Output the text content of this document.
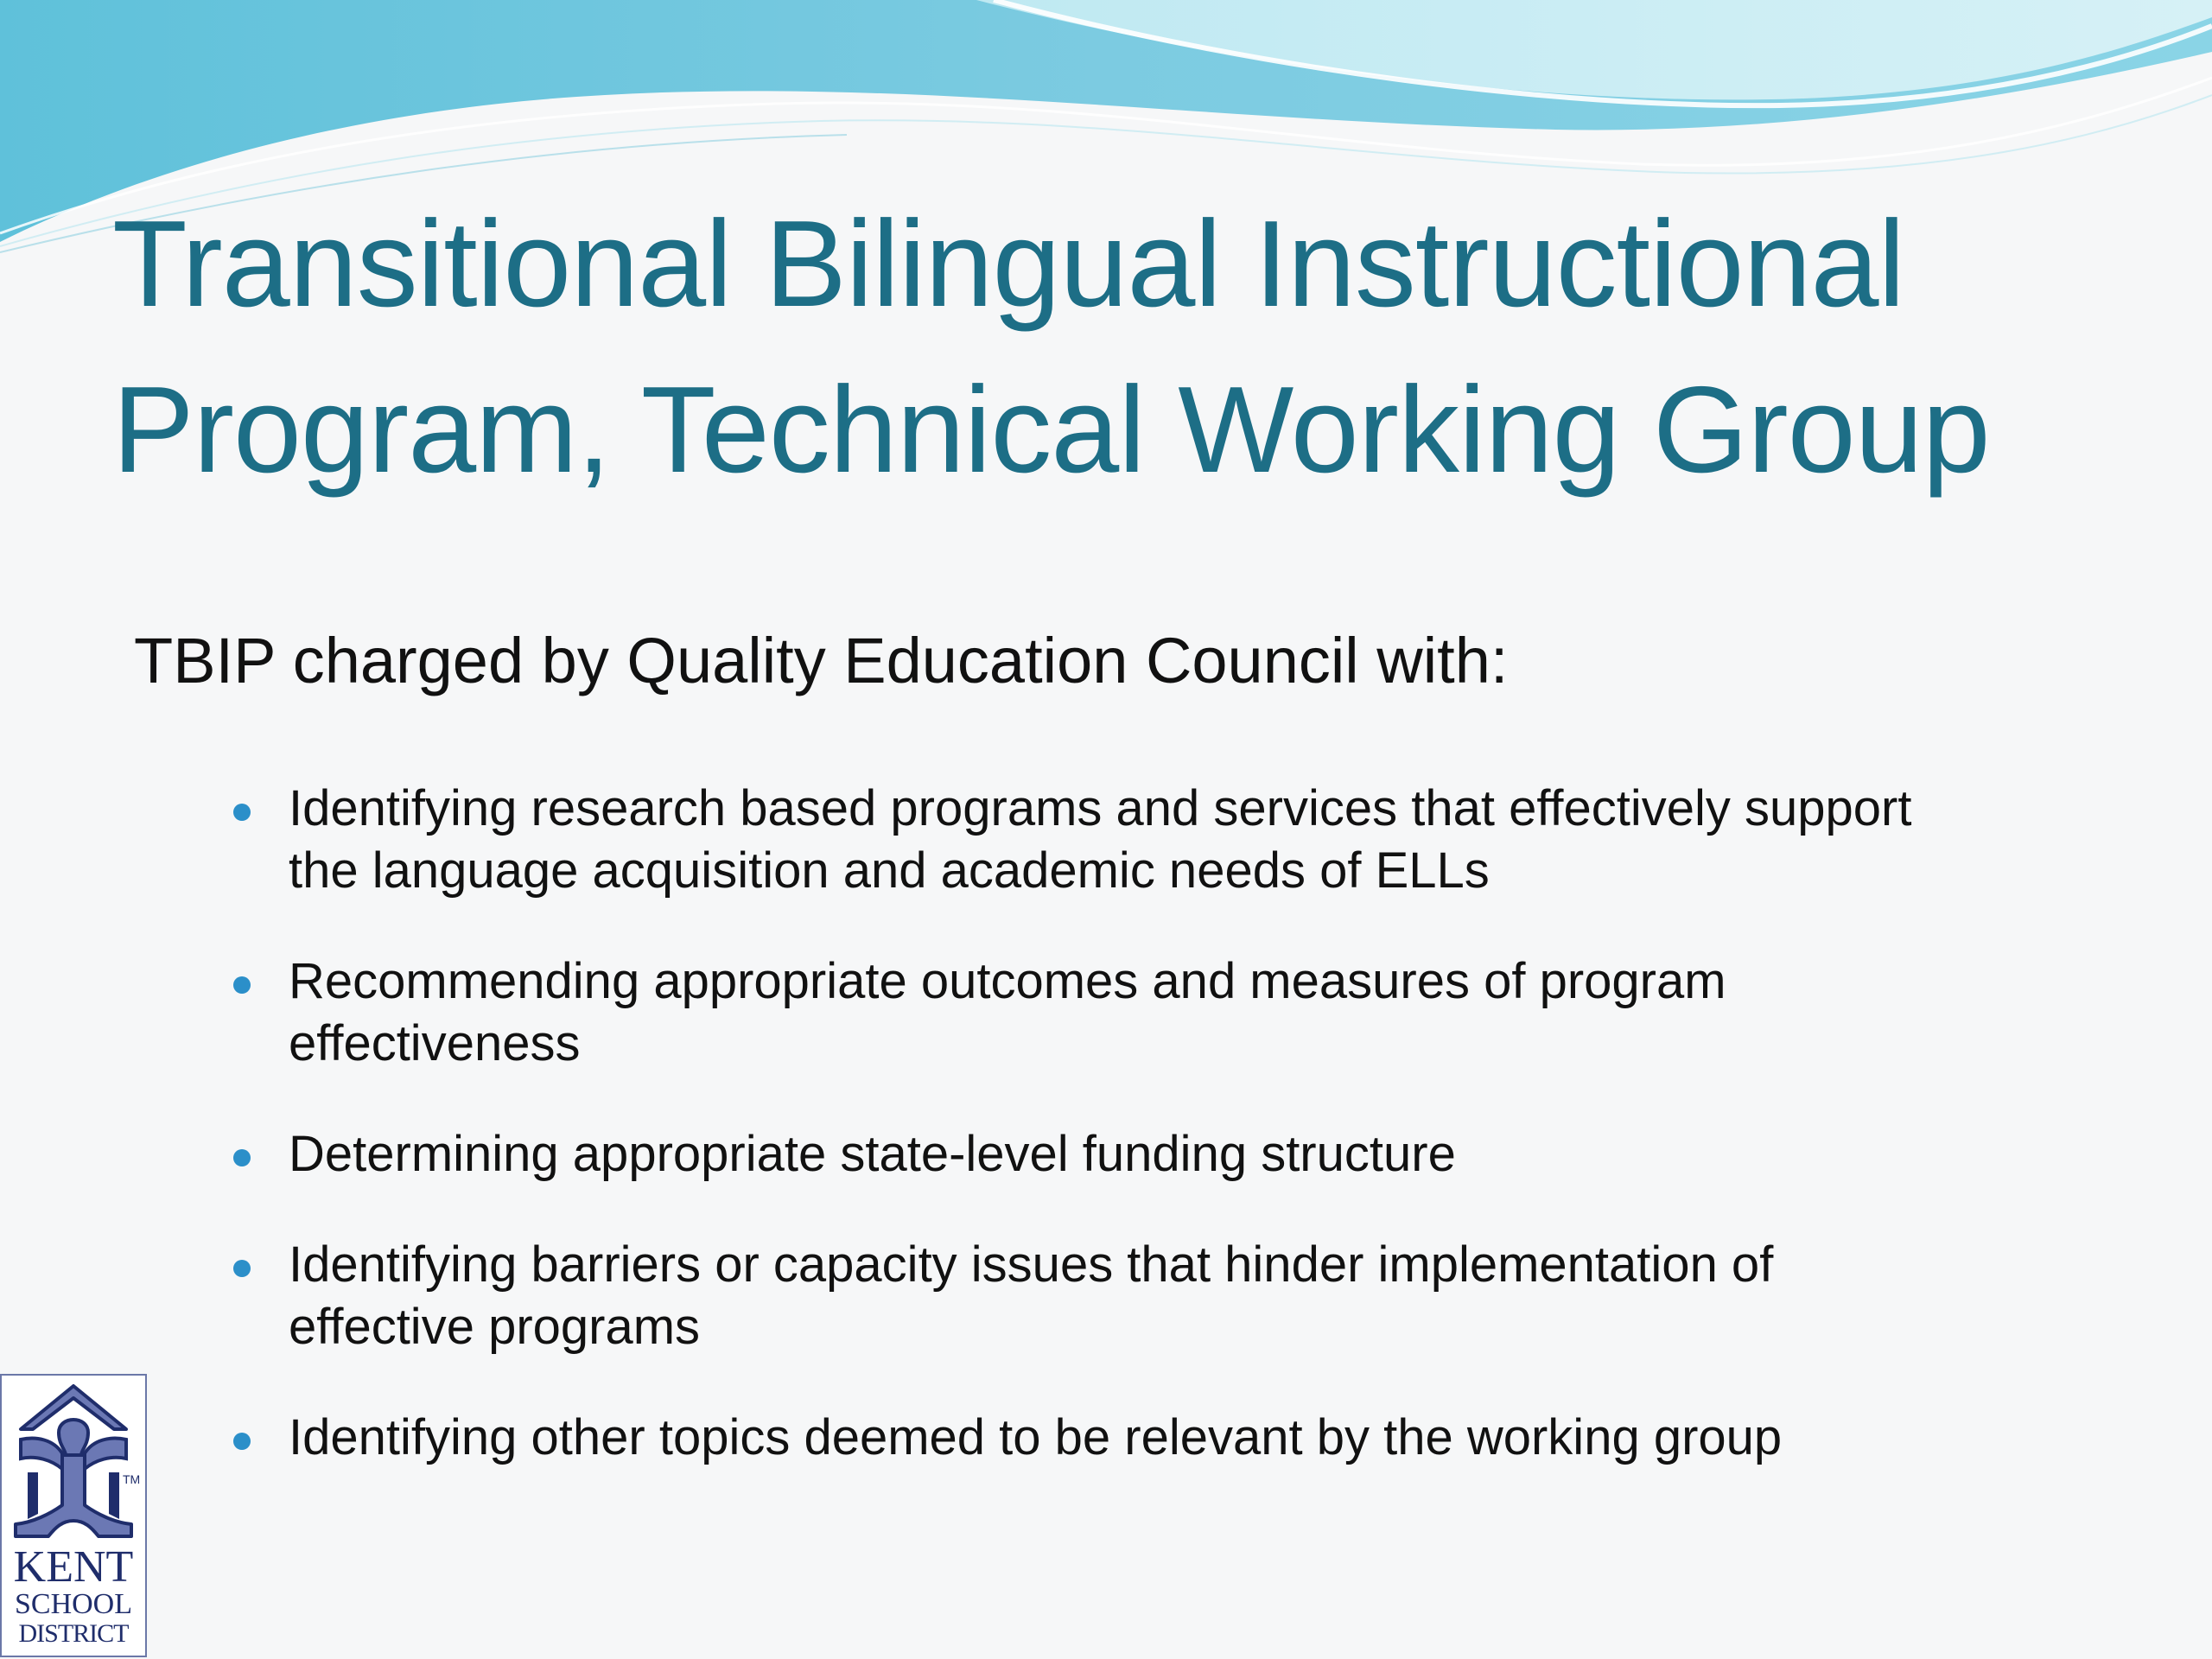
Transitional Bilingual Instructional
Program, Technical Working Group

TBIP charged by Quality Education Council with:

Identifying research based programs and services that effectively support
the language acquisition and academic needs of ELLs
Recommending appropriate outcomes and measures of program
effectiveness
Determining appropriate state-level funding structure
Identifying barriers or capacity issues that hinder implementation of
effective programs
Identifying other topics deemed to be relevant by the working group
TM
KENT
SCHOOL
DISTRICT
